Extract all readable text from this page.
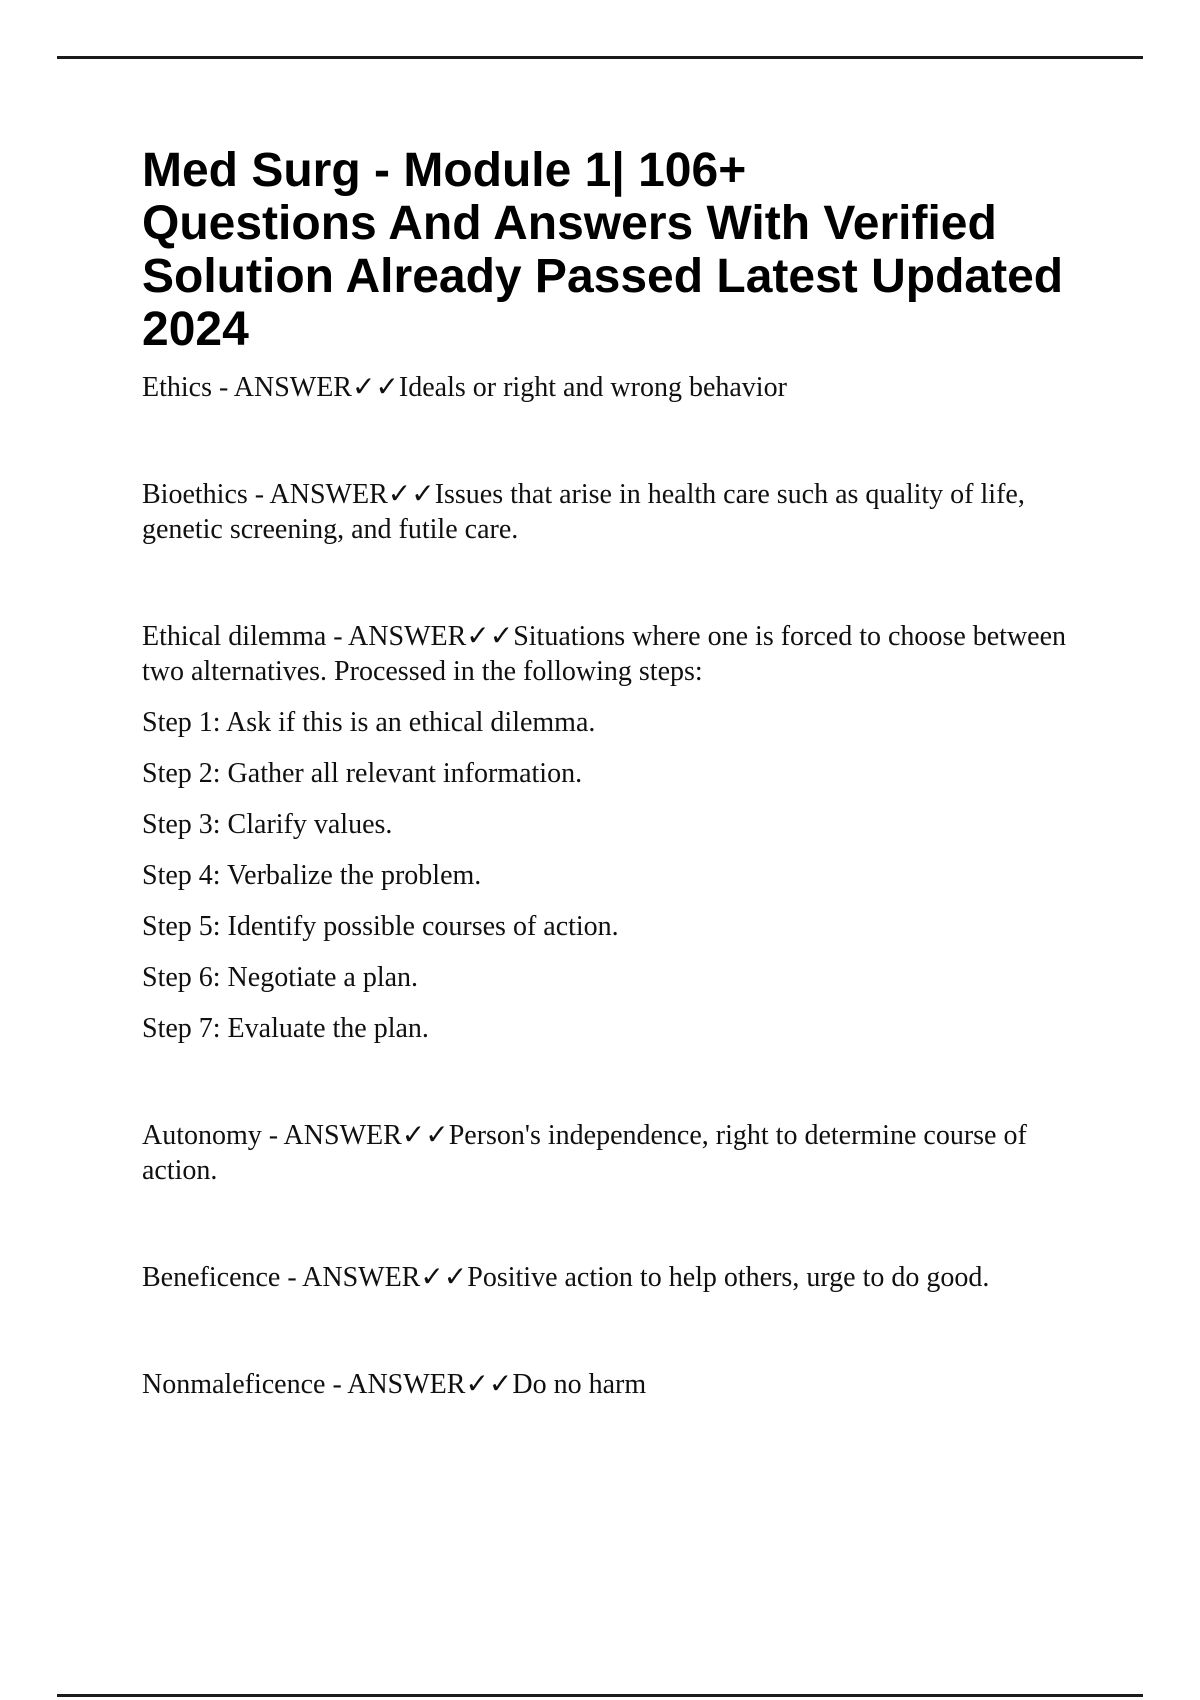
Med Surg - Module 1| 106+
Questions And Answers With Verified
Solution Already Passed Latest Updated
2024

Ethics - ANSWER✓✓Ideals or right and wrong behavior

Bioethics - ANSWER✓✓Issues that arise in health care such as quality of life, genetic screening, and futile care.

Ethical dilemma - ANSWER✓✓Situations where one is forced to choose between two alternatives. Processed in the following steps:

Step 1: Ask if this is an ethical dilemma.

Step 2: Gather all relevant information.

Step 3: Clarify values.

Step 4: Verbalize the problem.

Step 5: Identify possible courses of action.

Step 6: Negotiate a plan.

Step 7: Evaluate the plan.

Autonomy - ANSWER✓✓Person's independence, right to determine course of action.

Beneficence - ANSWER✓✓Positive action to help others, urge to do good.

Nonmaleficence - ANSWER✓✓Do no harm
